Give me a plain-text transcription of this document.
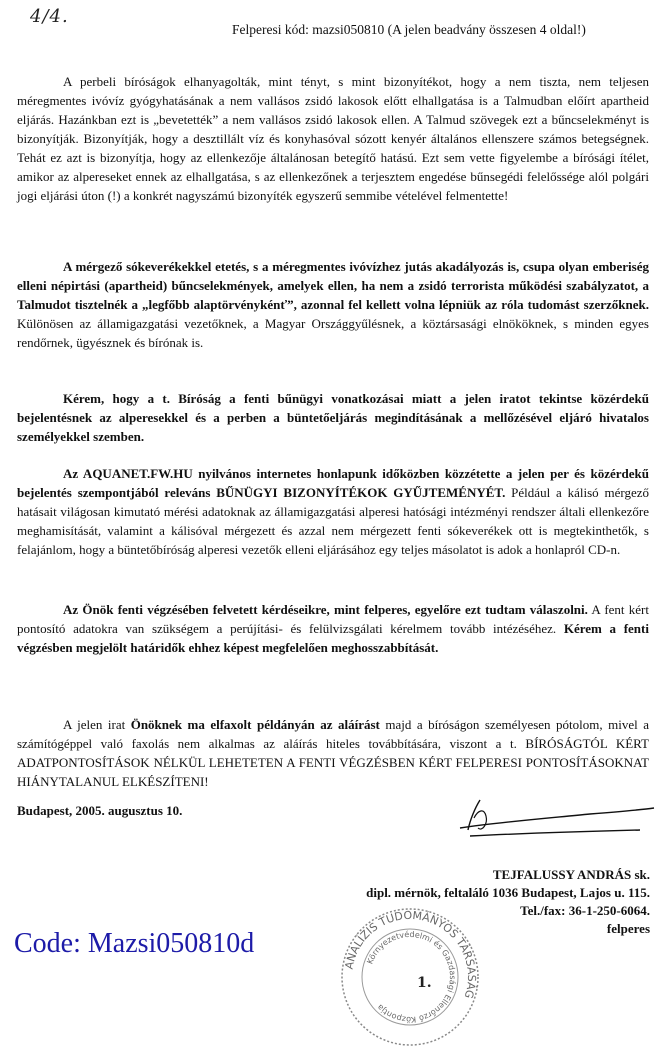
4/4.
Felperesi kód: mazsi050810 (A jelen beadvány összesen 4 oldal!)

A perbeli bíróságok elhanyagolták, mint tényt, s mint bizonyítékot, hogy a nem tiszta, nem teljesen méregmentes ivóvíz gyógyhatásának a nem vallásos zsidó lakosok előtt elhallgatása is a Talmudban előírt apartheid eljárás. Hazánkban ezt is „bevetették” a nem vallásos zsidó lakosok ellen. A Talmud szövegek ezt a bűncselekményt is bizonyítják. Bizonyítják, hogy a desztillált víz és konyhasóval sózott kenyér általános ellenszere számos betegségnek. Tehát ez azt is bizonyítja, hogy az ellenkezője általánosan betegítő hatású. Ezt sem vette figyelembe a bírósági ítélet, amikor az alpereseket ennek az elhallgatása, s az ellenkezőnek a terjesztem engedése bűnsegédi felelőssége alól polgári jogi eljárási úton (!) a konkrét nagyszámú bizonyíték egyszerű semmibe vételével felmentette!

A mérgező sókeverékekkel etetés, s a méregmentes ivóvízhez jutás akadályozás is, csupa olyan emberiség elleni népirtási (apartheid) bűncselekmények, amelyek ellen, ha nem a zsidó terrorista működési szabályzatot, a Talmudot tisztelnék a „legfőbb alaptörvénykénť”, azonnal fel kellett volna lépniük az róla tudomást szerzőknek. Különösen az államigazgatási vezetőknek, a Magyar Országgyűlésnek, a köztársasági elnököknek, s minden egyes rendőrnek, ügyésznek és bírónak is.

Kérem, hogy a t. Bíróság a fenti bűnügyi vonatkozásai miatt a jelen iratot tekintse közérdekű bejelentésnek az alperesekkel és a perben a büntetőeljárás megindításának a mellőzésével eljáró hivatalos személyekkel szemben.

Az AQUANET.FW.HU nyilvános internetes honlapunk időközben közzétette a jelen per és közérdekű bejelentés szempontjából releváns BŰNÜGYI BIZONYÍTÉKOK GYŰJTEMÉNYÉT. Például a kálisó mérgező hatásait világosan kimutató mérési adatoknak az államigazgatási alperesi hatósági intézményi rendszer általi ellenkezőre meghamisítását, valamint a kálisóval mérgezett és azzal nem mérgezett fenti sókeverékek ott is megtekinthetők, s felajánlom, hogy a büntetőbíróság alperesi vezetők elleni eljárásához egy teljes másolatot is adok a honlapról CD-n.

Az Önök fenti végzésében felvetett kérdéseikre, mint felperes, egyelőre ezt tudtam válaszolni. A fent kért pontosító adatokra van szükségem a perújítási- és felülvizsgálati kérelmem tovább intézéséhez. Kérem a fenti végzésben megjelölt határidők ehhez képest megfelelően meghosszabbítását.

A jelen irat Önöknek ma elfaxolt példányán az aláírást majd a bíróságon személyesen pótolom, mivel a számítógéppel való faxolás nem alkalmas az aláírás hiteles továbbítására, viszont a t. BÍRÓSÁGTÓL KÉRT ADATPONTOSÍTÁSOK NÉLKÜL LEHETETEN A FENTI VÉGZÉSBEN KÉRT FELPERESI PONTOSÍTÁSOKNAT HIÁNYTALANUL ELKÉSZÍTENI!

Budapest, 2005. augusztus 10.
TEJFALUSSY ANDRÁS sk.
dipl. mérnök, feltaláló 1036 Budapest, Lajos u. 115.
Tel./fax: 36-1-250-6064.
felperes
Code: Mazsi050810d
ANALÍZIS TUDOMÁNYOS TÁRSASÁG
Környezetvédelmi és Gazdasági Ellenőrző Központja
1.
